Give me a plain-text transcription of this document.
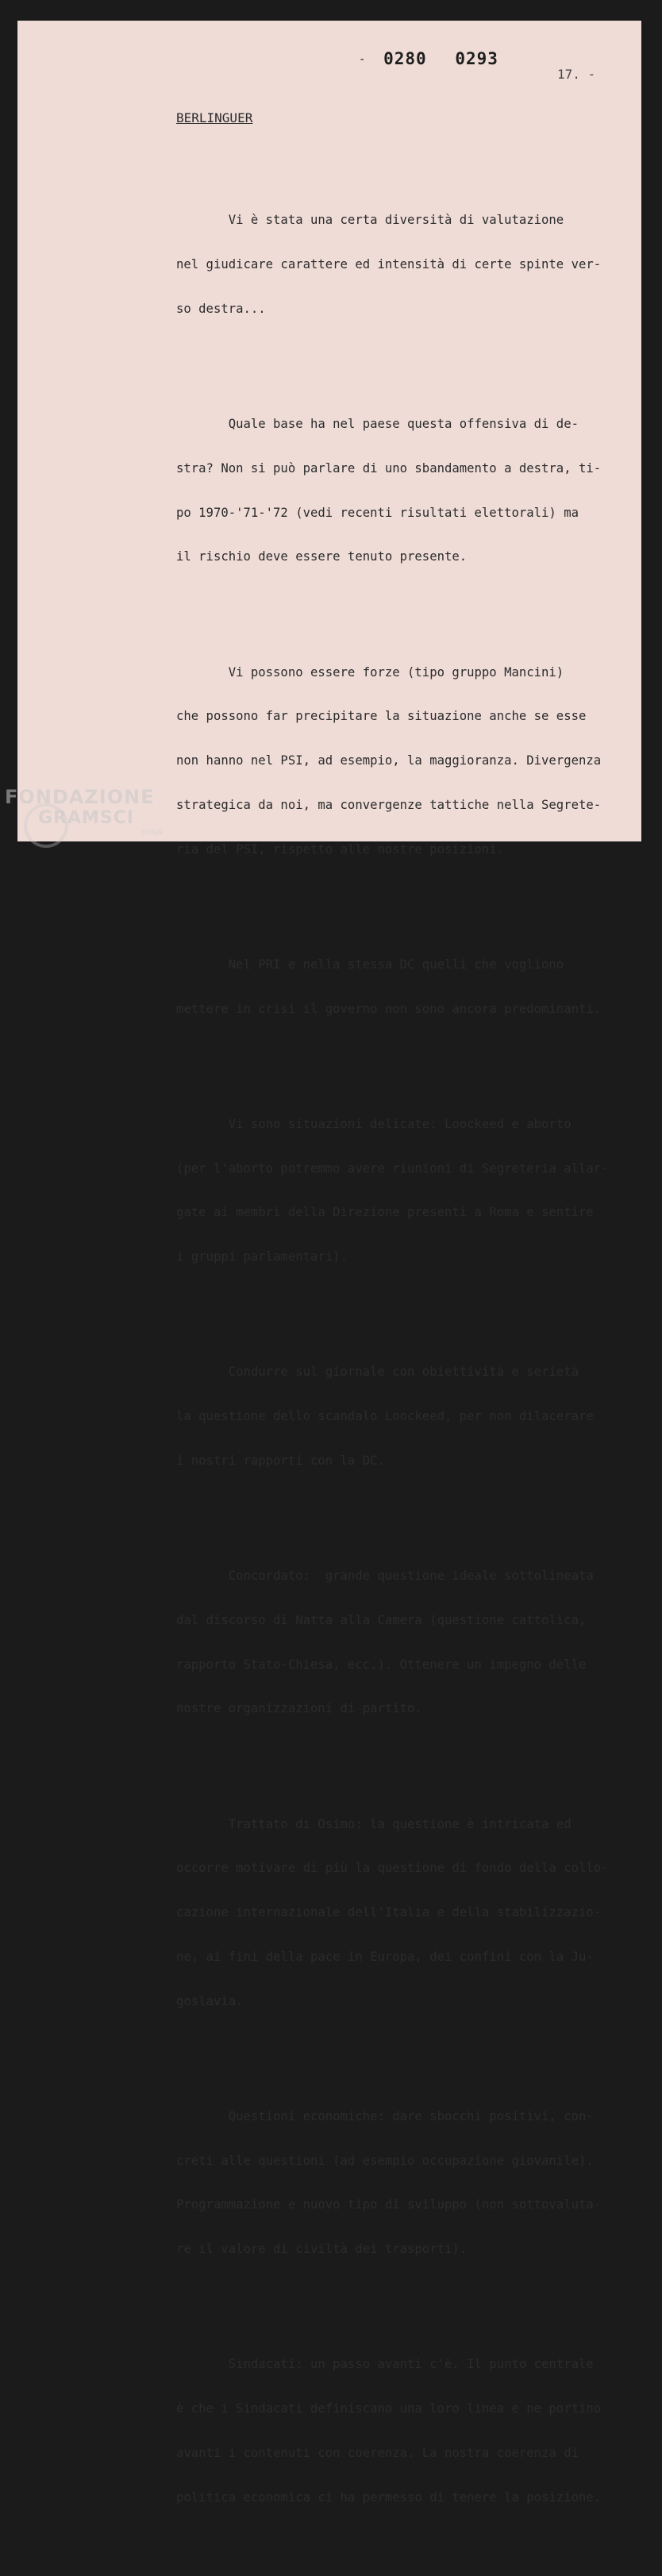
- 0280 0293
17. -
BERLINGUER

Vi è stata una certa diversità di valutazione

nel giudicare carattere ed intensità di certe spinte ver-

so destra...

Quale base ha nel paese questa offensiva di de-

stra? Non si può parlare di uno sbandamento a destra, ti-

po 1970-'71-'72 (vedi recenti risultati elettorali) ma

il rischio deve essere tenuto presente.

Vi possono essere forze (tipo gruppo Mancini)

che possono far precipitare la situazione anche se esse

non hanno nel PSI, ad esempio, la maggioranza. Divergenza

strategica da noi, ma convergenze tattiche nella Segrete-

ria del PSI, rispetto alle nostre posizioni.

Nel PRI e nella stessa DC quelli che vogliono

mettere in crisi il governo non sono ancora predominanti.

Vi sono situazioni delicate: Loockeed e aborto

(per l'aborto potremmo avere riunioni di Segreteria allar-

gate ai membri della Direzione presenti a Roma e sentire

i gruppi parlamentari).

Condurre sul giornale con obiettività e serietà

la questione dello scandalo Loockeed, per non dilacerare

i nostri rapporti con la DC.

Concordato:  grande questione ideale sottolineata

dal discorso di Natta alla Camera (questione cattolica,

rapporto Stato-Chiesa, ecc.). Ottenere un impegno delle

nostre organizzazioni di partito.

Trattato di Osimo: la questione è intricata ed

occorre motivare di più la questione di fondo della collo-

cazione internazionale dell'Italia e della stabilizzazio-

ne, ai fini della pace in Europa, dei confini con la Ju-

goslavia.

Questioni economiche: dare sbocchi positivi, con-

creti alle questioni (ad esempio occupazione giovanile).

Programmazione e nuovo tipo di sviluppo (non sottovaluta-

re il valore di civiltà dei trasporti).

Sindacati: un passo avanti c'è. Il punto centrale

è che i Sindacati definiscano una loro linea e ne portino

avanti i contenuti con coerenza. La nostra coerenza di

politica economica ci ha permesso di tenere la posizione.

FONDAZIONE
GRAMSCI
onlus
